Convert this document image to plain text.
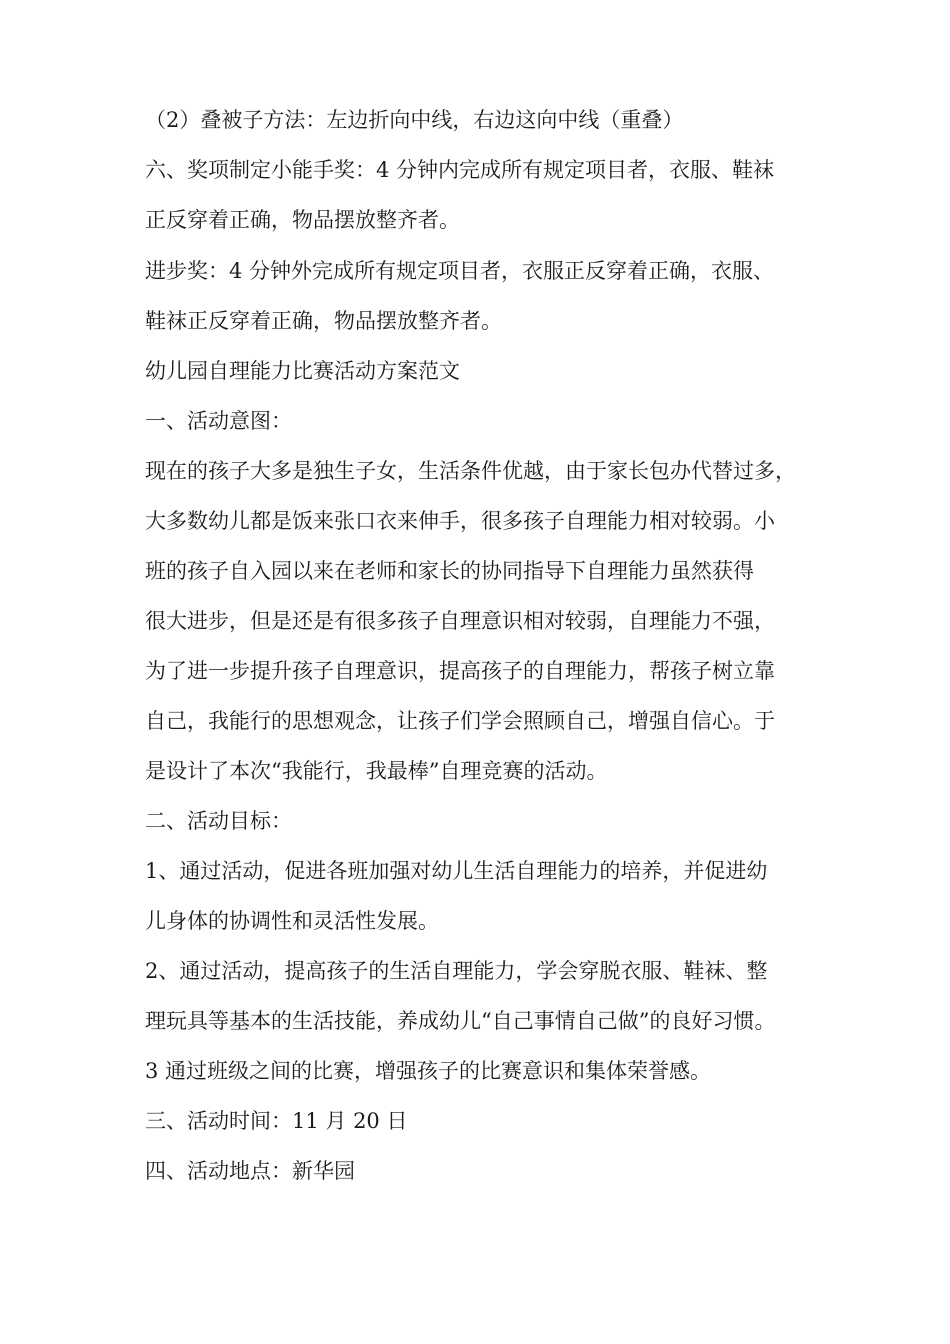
（2）叠被子方法：左边折向中线，右边这向中线（重叠）
六、奖项制定小能手奖：4 分钟内完成所有规定项目者，衣服、鞋袜
正反穿着正确，物品摆放整齐者。
进步奖：4 分钟外完成所有规定项目者，衣服正反穿着正确，衣服、
鞋袜正反穿着正确，物品摆放整齐者。
幼儿园自理能力比赛活动方案范文
一、活动意图：
现在的孩子大多是独生子女，生活条件优越，由于家长包办代替过多，
大多数幼儿都是饭来张口衣来伸手，很多孩子自理能力相对较弱。小
班的孩子自入园以来在老师和家长的协同指导下自理能力虽然获得
很大进步，但是还是有很多孩子自理意识相对较弱，自理能力不强，
为了进一步提升孩子自理意识，提高孩子的自理能力，帮孩子树立靠
自己，我能行的思想观念，让孩子们学会照顾自己，增强自信心。于
是设计了本次“我能行，我最棒”自理竞赛的活动。
二、活动目标：
1、通过活动，促进各班加强对幼儿生活自理能力的培养，并促进幼
儿身体的协调性和灵活性发展。
2、通过活动，提高孩子的生活自理能力，学会穿脱衣服、鞋袜、整
理玩具等基本的生活技能，养成幼儿“自己事情自己做”的良好习惯。
3 通过班级之间的比赛，增强孩子的比赛意识和集体荣誉感。
三、活动时间：11 月 20 日
四、活动地点：新华园
